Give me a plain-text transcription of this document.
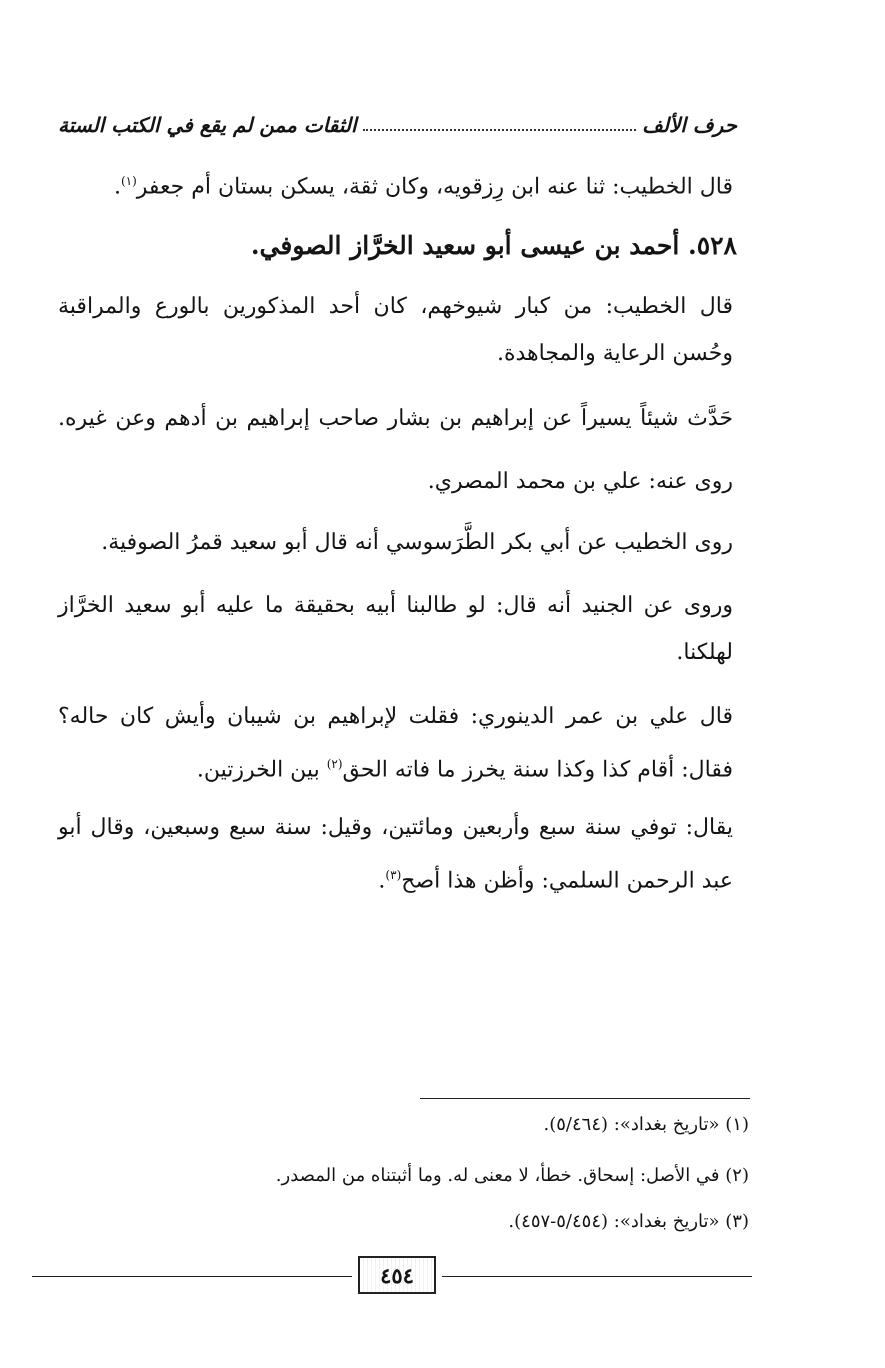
حرف الألف
الثقات ممن لم يقع في الكتب الستة
قال الخطيب: ثنا عنه ابن رِزقويه، وكان ثقة، يسكن بستان أم جعفر$^{(١)}$.
٥٢٨. أحمد بن عيسى أبو سعيد الخرَّاز الصوفي.
قال الخطيب: من كبار شيوخهم، كان أحد المذكورين بالورع والمراقبة
وحُسن الرعاية والمجاهدة.
حَدَّث شيئاً يسيراً عن إبراهيم بن بشار صاحب إبراهيم بن أدهم وعن غيره.
روى عنه: علي بن محمد المصري.
روى الخطيب عن أبي بكر الطَّرَسوسي أنه قال أبو سعيد قمرُ الصوفية.
وروى عن الجنيد أنه قال: لو طالبنا أبيه بحقيقة ما عليه أبو سعيد الخرَّاز
لهلكنا.
قال علي بن عمر الدينوري: فقلت لإبراهيم بن شيبان وأيش كان حاله؟
فقال: أقام كذا وكذا سنة يخرز ما فاته الحق$^{(٢)}$ بين الخرزتين.
يقال: توفي سنة سبع وأربعين ومائتين، وقيل: سنة سبع وسبعين، وقال أبو
عبد الرحمن السلمي: وأظن هذا أصح$^{(٣)}$.
(١) «تاريخ بغداد»: (٥/٤٦٤).
(٢) في الأصل: إسحاق. خطأ، لا معنى له. وما أثبتناه من المصدر.
(٣) «تاريخ بغداد»: (٥/٤٥٤-٤٥٧).
٤٥٤
